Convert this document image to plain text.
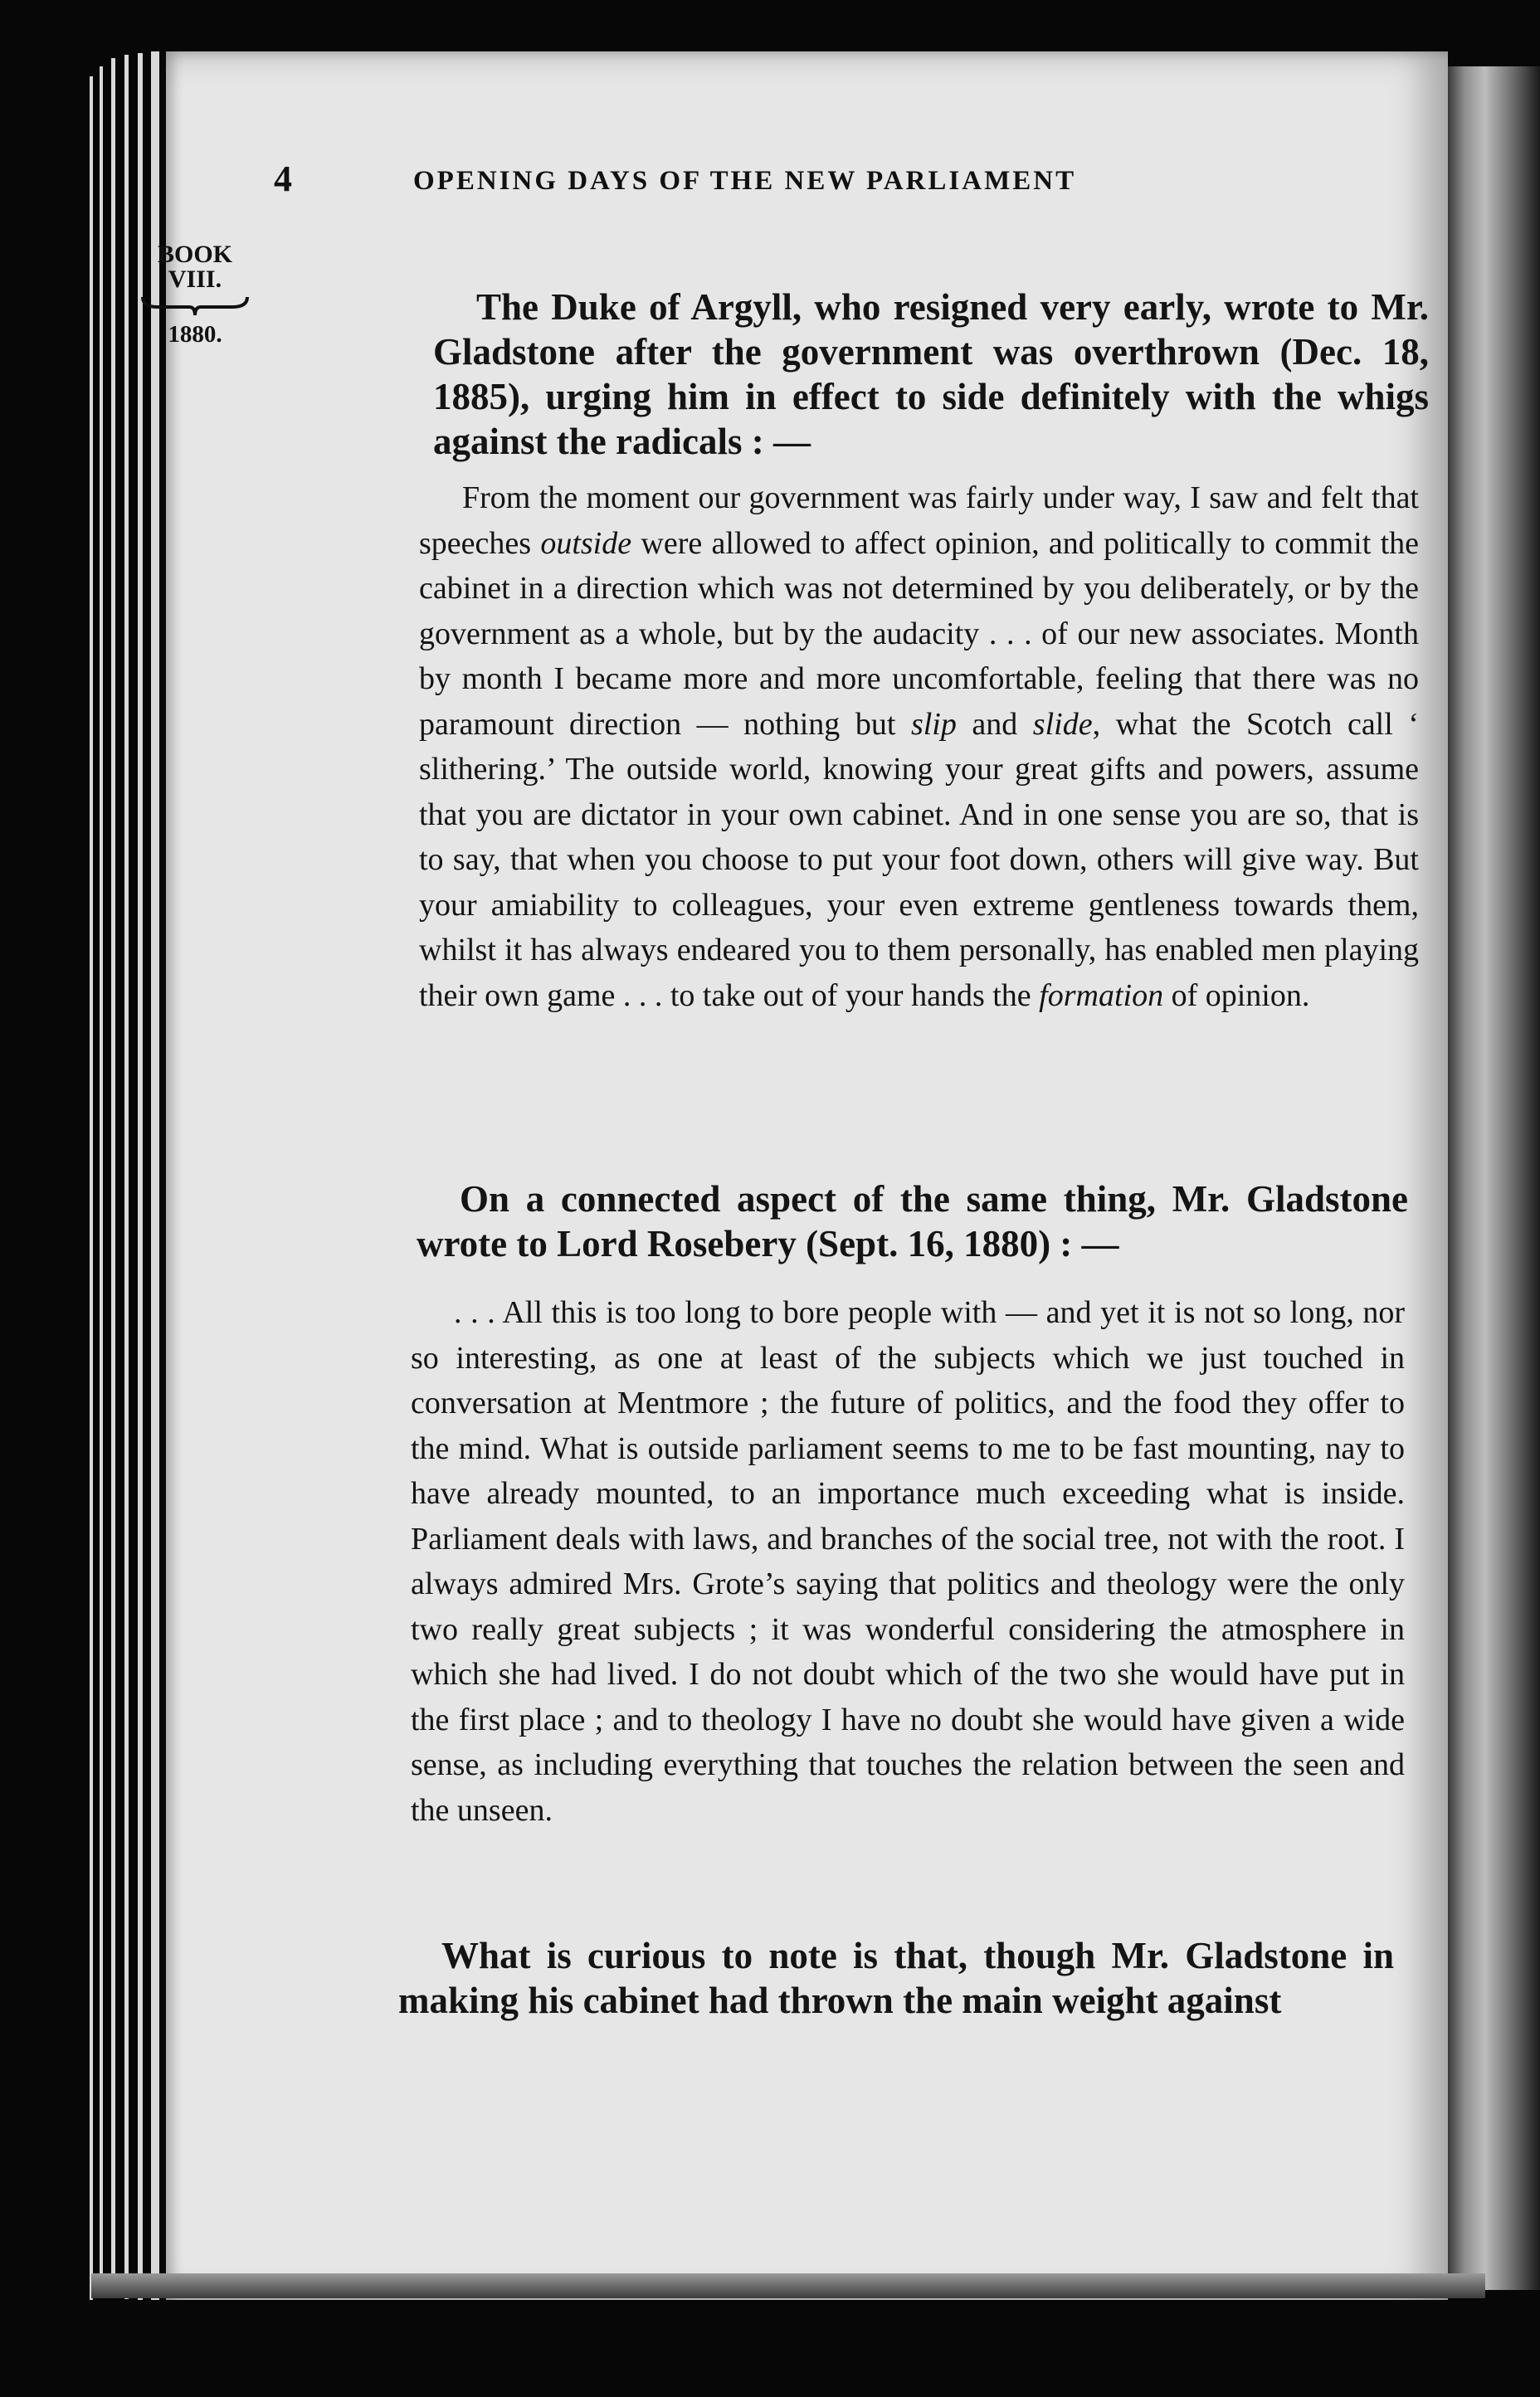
4	OPENING DAYS OF THE NEW PARLIAMENT
BOOK
VIII.
1880.
The Duke of Argyll, who resigned very early, wrote to Mr. Gladstone after the government was overthrown (Dec. 18, 1885), urging him in effect to side definitely with the whigs against the radicals : —
From the moment our government was fairly under way, I saw and felt that speeches outside were allowed to affect opinion, and politically to commit the cabinet in a direction which was not determined by you deliberately, or by the government as a whole, but by the audacity . . . of our new associates. Month by month I became more and more uncomfortable, feeling that there was no paramount direction — nothing but slip and slide, what the Scotch call ‘ slithering.’ The outside world, knowing your great gifts and powers, assume that you are dictator in your own cabinet. And in one sense you are so, that is to say, that when you choose to put your foot down, others will give way. But your amiability to colleagues, your even extreme gentleness towards them, whilst it has always endeared you to them personally, has enabled men playing their own game . . . to take out of your hands the formation of opinion.
On a connected aspect of the same thing, Mr. Gladstone wrote to Lord Rosebery (Sept. 16, 1880) : —
. . . All this is too long to bore people with — and yet it is not so long, nor so interesting, as one at least of the subjects which we just touched in conversation at Mentmore ; the future of politics, and the food they offer to the mind. What is outside parliament seems to me to be fast mounting, nay to have already mounted, to an importance much exceeding what is inside. Parliament deals with laws, and branches of the social tree, not with the root. I always admired Mrs. Grote’s saying that politics and theology were the only two really great subjects ; it was wonderful considering the atmosphere in which she had lived. I do not doubt which of the two she would have put in the first place ; and to theology I have no doubt she would have given a wide sense, as including everything that touches the relation between the seen and the unseen.
What is curious to note is that, though Mr. Gladstone in making his cabinet had thrown the main weight against
